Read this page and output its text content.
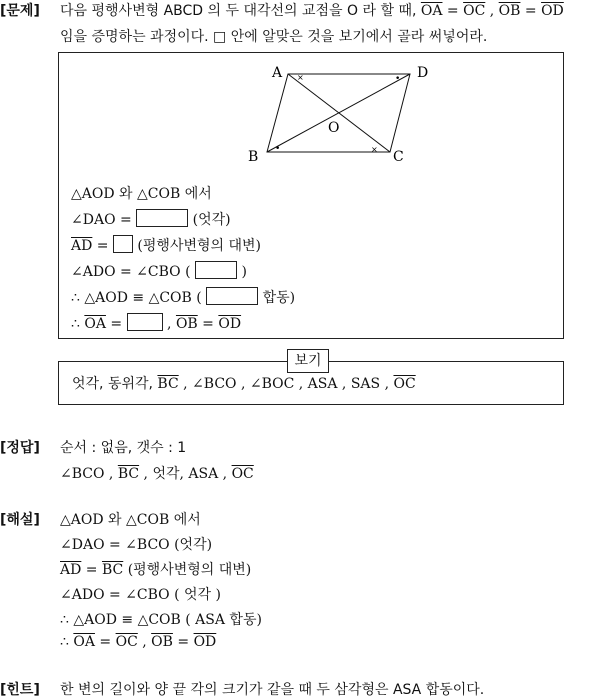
[문제] 다음 평행사변형 ABCD 의 두 대각선의 교점을 O 라 할 때, $\overline{OA} = \overline{OC}$ , $\overline{OB} = \overline{OD}$
임을 증명하는 과정이다. □ 안에 알맞은 것을 보기에서 골라 써넣어라.
A	D
B	C
O
×
×
•
•
△AOD 와 △COB 에서
∠DAO =	(엇각)
$\overline{AD}$ =  (평행사변형의 대변)
∠ADO = ∠CBO (	)
∴ △AOD ≡ △COB (	합동)
∴ $\overline{OA}$ =	, $\overline{OB} = \overline{OD}$
엇각, 동위각, $\overline{BC}$ , ∠BCO , ∠BOC , ASA , SAS , $\overline{OC}$
보기
[정답] 순서 : 없음, 갯수 : 1
∠BCO , $\overline{BC}$ , 엇각, ASA , $\overline{OC}$
[해설] △AOD 와 △COB 에서
∠DAO = ∠BCO (엇각)
$\overline{AD} = \overline{BC}$ (평행사변형의 대변)
∠ADO = ∠CBO ( 엇각 )
∴ △AOD ≡ △COB ( ASA 합동)
∴ $\overline{OA} = \overline{OC}$ , $\overline{OB} = \overline{OD}$
[힌트] 한 변의 길이와 양 끝 각의 크기가 같을 때 두 삼각형은 ASA 합동이다.
